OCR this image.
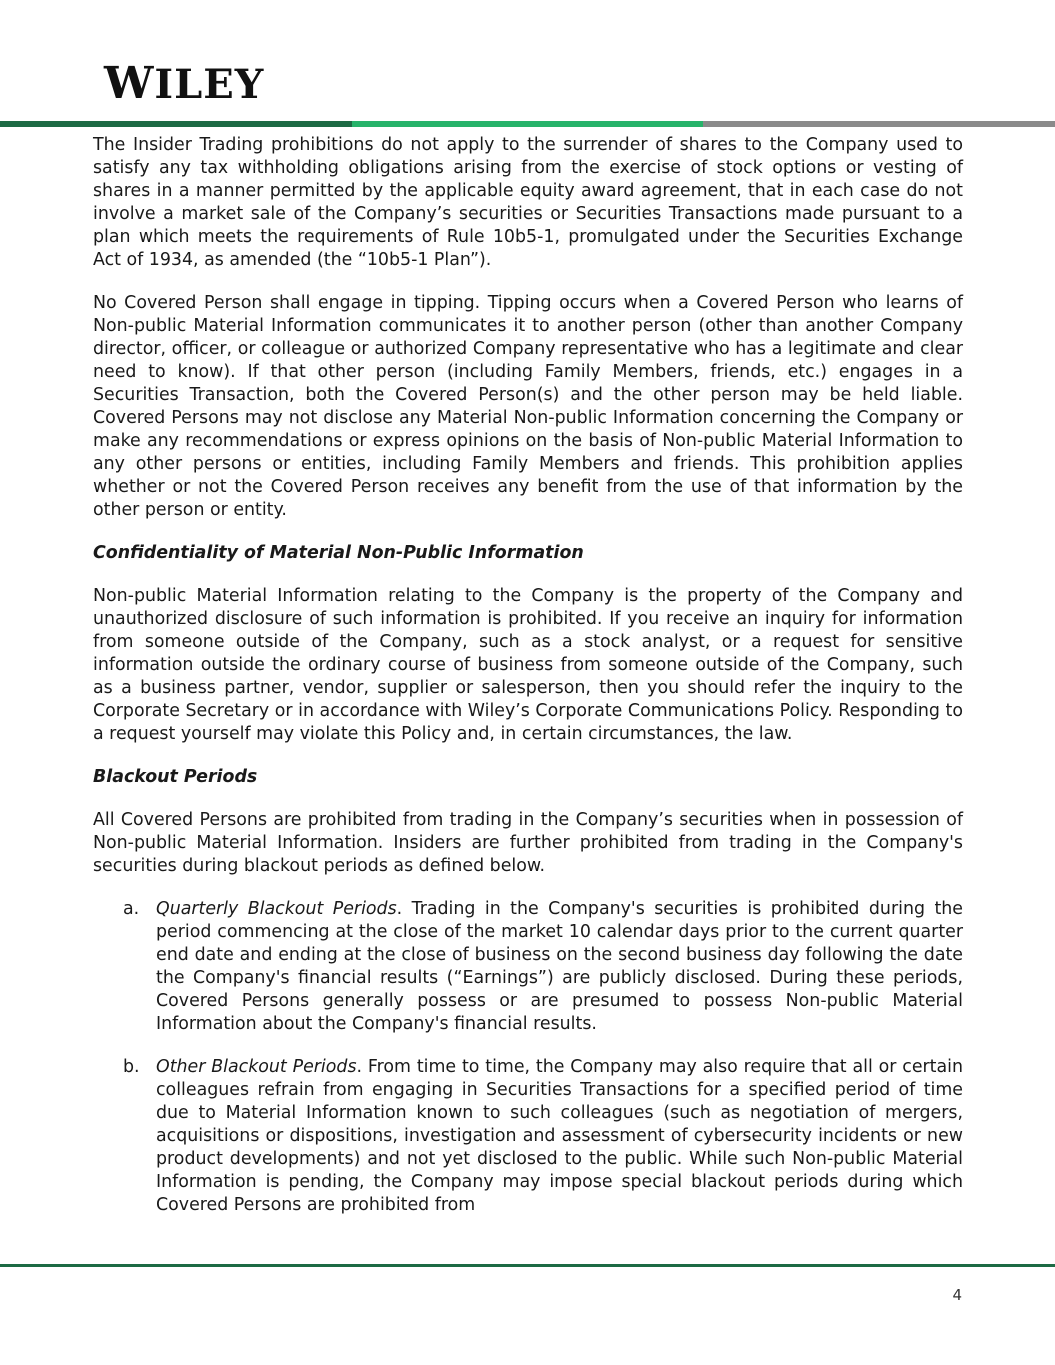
WILEY

The Insider Trading prohibitions do not apply to the surrender of shares to the Company used to satisfy any tax withholding obligations arising from the exercise of stock options or vesting of shares in a manner permitted by the applicable equity award agreement, that in each case do not involve a market sale of the Company’s securities or Securities Transactions made pursuant to a plan which meets the requirements of Rule 10b5-1, promulgated under the Securities Exchange Act of 1934, as amended (the “10b5-1 Plan”).

No Covered Person shall engage in tipping. Tipping occurs when a Covered Person who learns of Non-public Material Information communicates it to another person (other than another Company director, officer, or colleague or authorized Company representative who has a legitimate and clear need to know). If that other person (including Family Members, friends, etc.) engages in a Securities Transaction, both the Covered Person(s) and the other person may be held liable. Covered Persons may not disclose any Material Non-public Information concerning the Company or make any recommendations or express opinions on the basis of Non-public Material Information to any other persons or entities, including Family Members and friends. This prohibition applies whether or not the Covered Person receives any benefit from the use of that information by the other person or entity.

Confidentiality of Material Non-Public Information

Non-public Material Information relating to the Company is the property of the Company and unauthorized disclosure of such information is prohibited. If you receive an inquiry for information from someone outside of the Company, such as a stock analyst, or a request for sensitive information outside the ordinary course of business from someone outside of the Company, such as a business partner, vendor, supplier or salesperson, then you should refer the inquiry to the Corporate Secretary or in accordance with Wiley’s Corporate Communications Policy. Responding to a request yourself may violate this Policy and, in certain circumstances, the law.

Blackout Periods

All Covered Persons are prohibited from trading in the Company’s securities when in possession of Non-public Material Information. Insiders are further prohibited from trading in the Company's securities during blackout periods as defined below.

a. Quarterly Blackout Periods. Trading in the Company's securities is prohibited during the period commencing at the close of the market 10 calendar days prior to the current quarter end date and ending at the close of business on the second business day following the date the Company's financial results (“Earnings”) are publicly disclosed. During these periods, Covered Persons generally possess or are presumed to possess Non-public Material Information about the Company's financial results.
b. Other Blackout Periods. From time to time, the Company may also require that all or certain colleagues refrain from engaging in Securities Transactions for a specified period of time due to Material Information known to such colleagues (such as negotiation of mergers, acquisitions or dispositions, investigation and assessment of cybersecurity incidents or new product developments) and not yet disclosed to the public. While such Non-public Material Information is pending, the Company may impose special blackout periods during which Covered Persons are prohibited from
4
